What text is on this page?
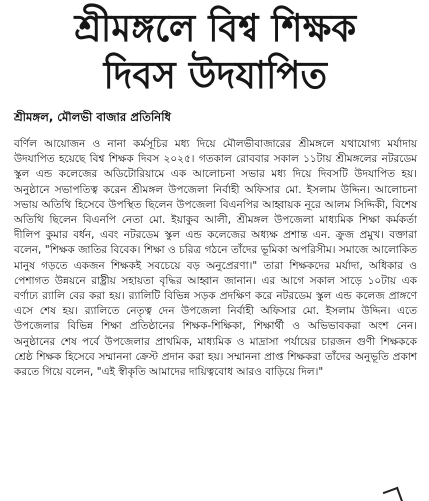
শ্রীমঙ্গলে বিশ্ব শিক্ষক
দিবস উদযাপিত
শ্রীমঙ্গল, মৌলভী বাজার প্রতিনিধি

বর্ণিল আয়োজন ও নানা কর্মসূচির মধ্য দিয়ে মৌলভীবাজারের শ্রীমঙ্গলে যথাযোগ্য মর্যাদায় উদযাপিত হয়েছে বিশ্ব শিক্ষক দিবস ২০২৫। গতকাল রোববার সকাল ১১টায় শ্রীমঙ্গলের নটরডেম স্কুল এন্ড কলেজের অডিটোরিয়ামে এক আলোচনা সভার মধ্য দিয়ে দিবসটি উদযাপিত হয়। অনুষ্ঠানে সভাপতিত্ব করেন শ্রীমঙ্গল উপজেলা নির্বাহী অফিসার মো. ইসলাম উদ্দিন। আলোচনা সভায় অতিথি হিসেবে উপস্থিত ছিলেন উপজেলা বিএনপির আহ্বায়ক নূরে আলম সিদ্দিকী, বিশেষ অতিথি ছিলেন বিএনপি নেতা মো. ইয়াকুব আলী, শ্রীমঙ্গল উপজেলা মাধ্যমিক শিক্ষা কর্মকর্তা দীলিপ কুমার বর্ধন, এবং নটরডেম স্কুল এন্ড কলেজের অধ্যক্ষ প্রশান্ত এন. ক্রুজ প্রমুখ। বক্তারা বলেন, "শিক্ষক জাতির বিবেক। শিক্ষা ও চরিত্র গঠনে তাঁদের ভূমিকা অপরিসীম। সমাজে আলোকিত মানুষ গড়তে একজন শিক্ষকই সবচেয়ে বড় অনুপ্রেরণা।" তারা শিক্ষকদের মর্যাদা, অধিকার ও পেশাগত উন্নয়নে রাষ্ট্রীয় সহায়তা বৃদ্ধির আহ্বান জানান। এর আগে সকাল সাড়ে ১০টায় এক বর্ণাঢ্য র‍্যালি বের করা হয়। র‍্যালিটি বিভিন্ন সড়ক প্রদক্ষিণ করে নটরডেম স্কুল এন্ড কলেজ প্রাঙ্গণে এসে শেষ হয়। র‍্যালিতে নেতৃত্ব দেন উপজেলা নির্বাহী অফিসার মো. ইসলাম উদ্দিন। এতে উপজেলার বিভিন্ন শিক্ষা প্রতিষ্ঠানের শিক্ষক-শিক্ষিকা, শিক্ষার্থী ও অভিভাবকরা অংশ নেন। অনুষ্ঠানের শেষ পর্বে উপজেলার প্রাথমিক, মাধ্যমিক ও মাদ্রাসা পর্যায়ের চারজন গুণী শিক্ষককে শ্রেষ্ঠ শিক্ষক হিসেবে সম্মাননা ক্রেস্ট প্রদান করা হয়। সম্মাননা প্রাপ্ত শিক্ষকরা তাঁদের অনুভূতি প্রকাশ করতে গিয়ে বলেন, "এই স্বীকৃতি আমাদের দায়িত্ববোধ আরও বাড়িয়ে দিল।"
